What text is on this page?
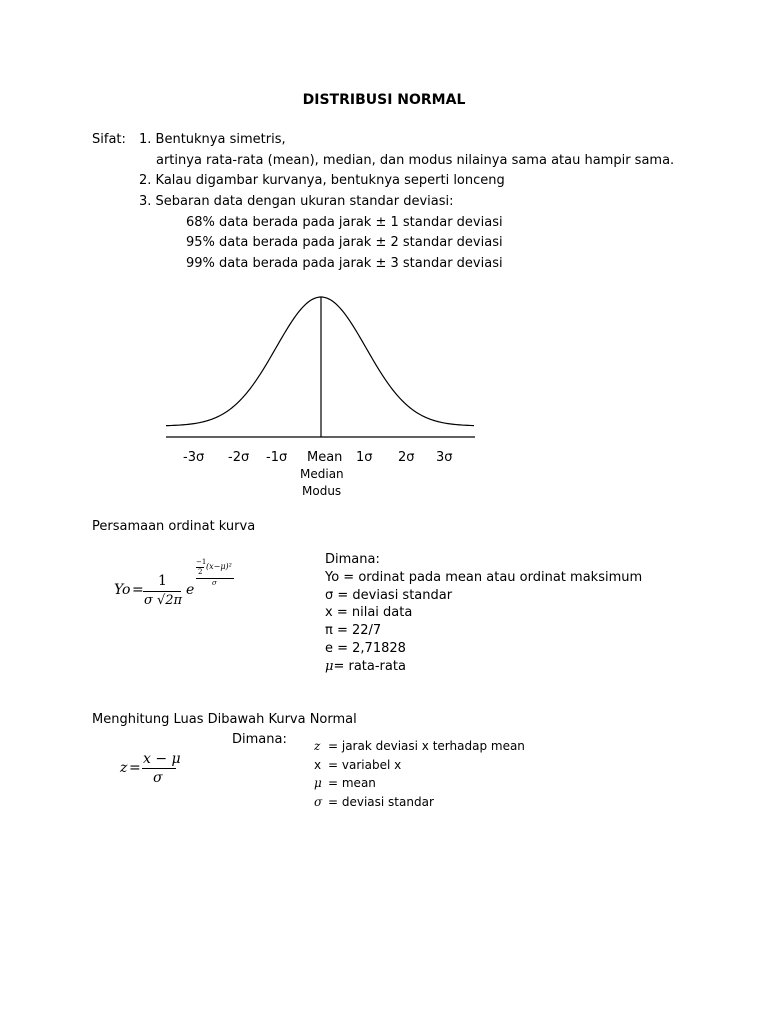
DISTRIBUSI NORMAL
Sifat: 1. Bentuknya simetris,
artinya rata-rata (mean), median, dan modus nilainya sama atau hampir sama.
2. Kalau digambar kurvanya, bentuknya seperti lonceng
3. Sebaran data dengan ukuran standar deviasi:
68% data berada pada jarak ± 1 standar deviasi
95% data berada pada jarak ± 2 standar deviasi
99% data berada pada jarak ± 3 standar deviasi
-3σ -2σ -1σ Mean 1σ 2σ 3σ
Median
Modus
Persamaan ordinat kurva
Yo =
1
σ √2π
e
−1
2
(x−μ)²
σ
Dimana:
Yo = ordinat pada mean atau ordinat maksimum
σ = deviasi standar
x = nilai data
π = 22/7
e = 2,71828
μ= rata-rata
Menghitung Luas Dibawah Kurva Normal
Dimana:
z =
x − μ
σ
z = jarak deviasi x terhadap mean
x = variabel x
μ = mean
σ = deviasi standar
